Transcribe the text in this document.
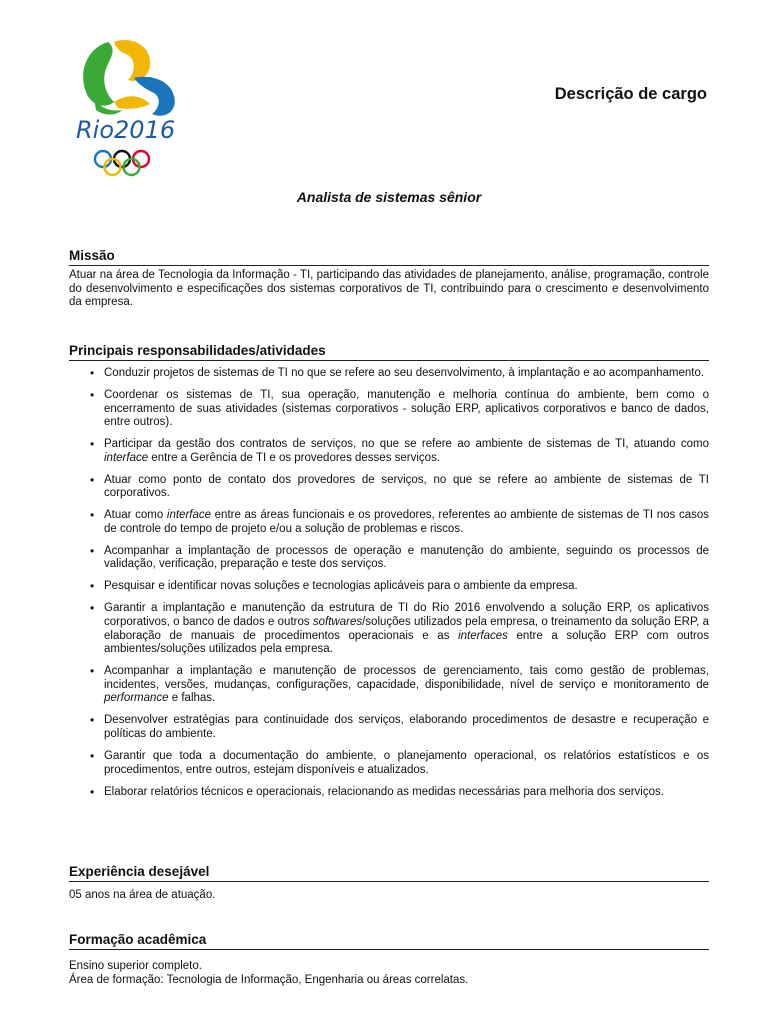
Rio2016
Descrição de cargo
Analista de sistemas sênior
Missão

Atuar na área de Tecnologia da Informação - TI, participando das atividades de planejamento, análise, programação, controle do desenvolvimento e especificações dos sistemas corporativos de TI, contribuindo para o crescimento e desenvolvimento da empresa.

Principais responsabilidades/atividades
• Conduzir projetos de sistemas de TI no que se refere ao seu desenvolvimento, à implantação e ao acompanhamento.
• Coordenar os sistemas de TI, sua operação, manutenção e melhoria contínua do ambiente, bem como o encerramento de suas atividades (sistemas corporativos - solução ERP, aplicativos corporativos e banco de dados, entre outros).
• Participar da gestão dos contratos de serviços, no que se refere ao ambiente de sistemas de TI, atuando como interface entre a Gerência de TI e os provedores desses serviços.
• Atuar como ponto de contato dos provedores de serviços, no que se refere ao ambiente de sistemas de TI corporativos.
• Atuar como interface entre as áreas funcionais e os provedores, referentes ao ambiente de sistemas de TI nos casos de controle do tempo de projeto e/ou a solução de problemas e riscos.
• Acompanhar a implantação de processos de operação e manutenção do ambiente, seguindo os processos de validação, verificação, preparação e teste dos serviços.
• Pesquisar e identificar novas soluções e tecnologias aplicáveis para o ambiente da empresa.
• Garantir a implantação e manutenção da estrutura de TI do Rio 2016 envolvendo a solução ERP, os aplicativos corporativos, o banco de dados e outros softwares/soluções utilizados pela empresa, o treinamento da solução ERP, a elaboração de manuais de procedimentos operacionais e as interfaces entre a solução ERP com outros ambientes/soluções utilizados pela empresa.
• Acompanhar a implantação e manutenção de processos de gerenciamento, tais como gestão de problemas, incidentes, versões, mudanças, configurações, capacidade, disponibilidade, nível de serviço e monitoramento de performance e falhas.
• Desenvolver estratégias para continuidade dos serviços, elaborando procedimentos de desastre e recuperação e políticas do ambiente.
• Garantir que toda a documentação do ambiente, o planejamento operacional, os relatórios estatísticos e os procedimentos, entre outros, estejam disponíveis e atualizados.
• Elaborar relatórios técnicos e operacionais, relacionando as medidas necessárias para melhoria dos serviços.
Experiência desejável
05 anos na área de atuação.
Formação acadêmica
Ensino superior completo.
Área de formação: Tecnologia de Informação, Engenharia ou áreas correlatas.
